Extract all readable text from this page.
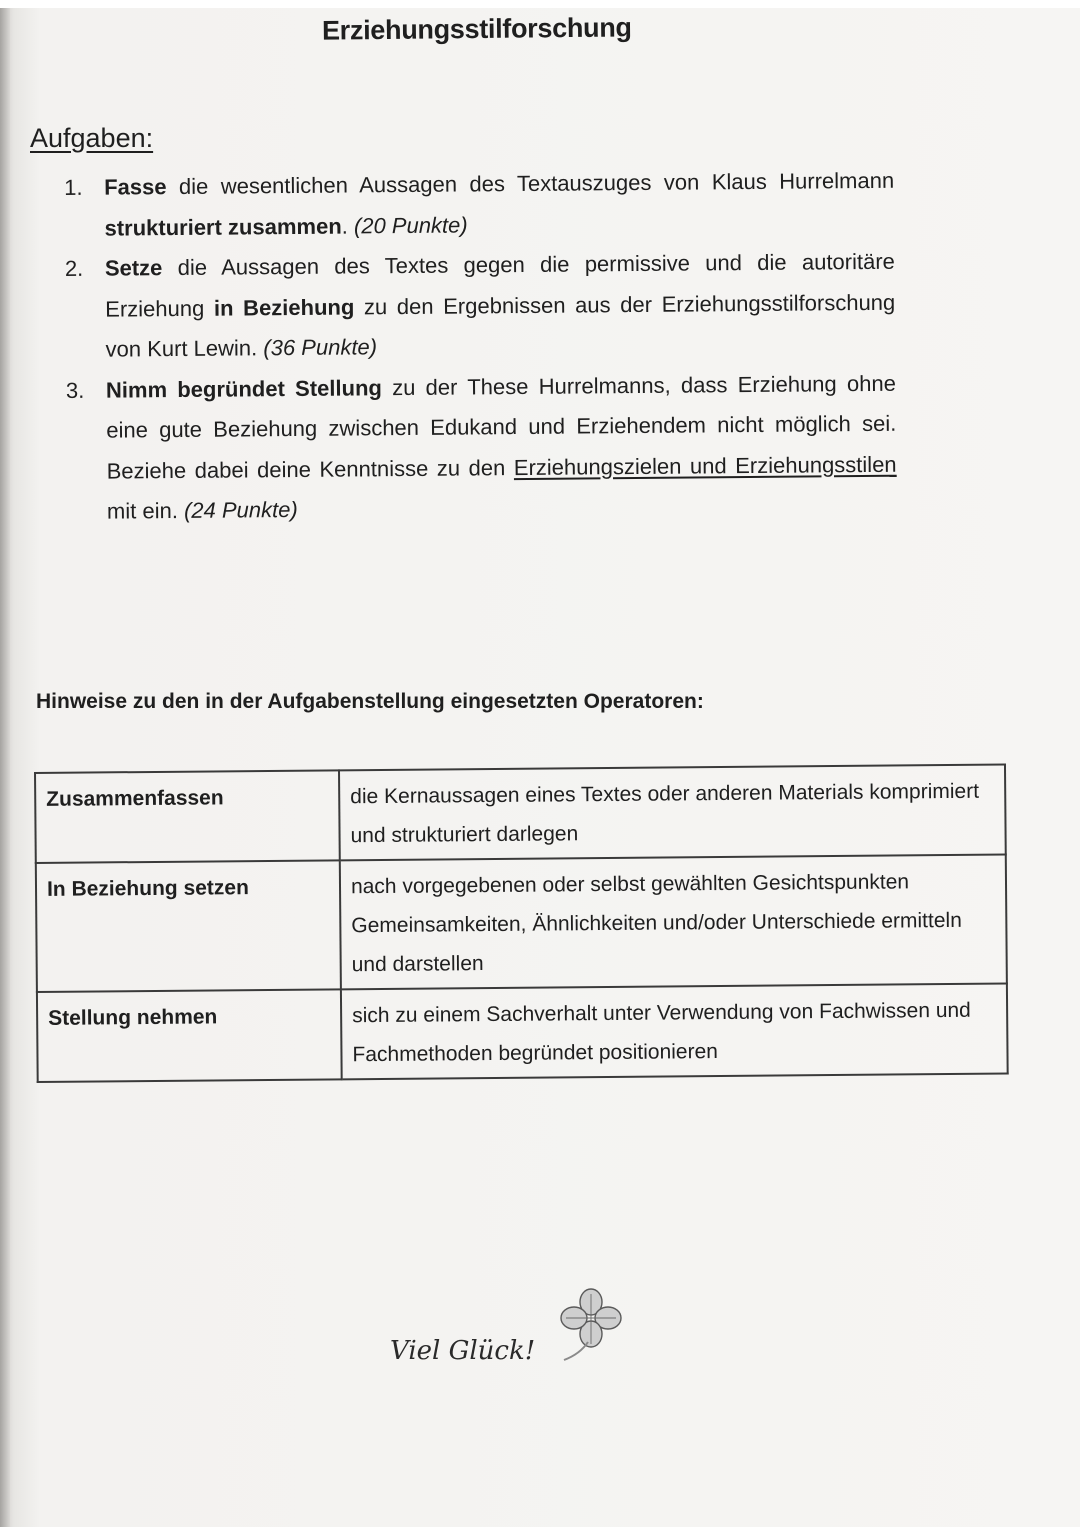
Erziehungsstilforschung
Aufgaben:
1. Fasse die wesentlichen Aussagen des Textauszuges von Klaus Hurrelmann strukturiert zusammen. (20 Punkte)
2. Setze die Aussagen des Textes gegen die permissive und die autoritäre Erziehung in Beziehung zu den Ergebnissen aus der Erziehungsstilforschung von Kurt Lewin. (36 Punkte)
3. Nimm begründet Stellung zu der These Hurrelmanns, dass Erziehung ohne eine gute Beziehung zwischen Edukand und Erziehendem nicht möglich sei. Beziehe dabei deine Kenntnisse zu den Erziehungszielen und Erziehungsstilen mit ein. (24 Punkte)
Hinweise zu den in der Aufgabenstellung eingesetzten Operatoren:
Zusammenfassen	die Kernaussagen eines Textes oder anderen Materials komprimiert und strukturiert darlegen
In Beziehung setzen	nach vorgegebenen oder selbst gewählten Gesichtspunkten Gemeinsamkeiten, Ähnlichkeiten und/oder Unterschiede ermitteln und darstellen
Stellung nehmen	sich zu einem Sachverhalt unter Verwendung von Fachwissen und Fachmethoden begründet positionieren
Viel Glück!
